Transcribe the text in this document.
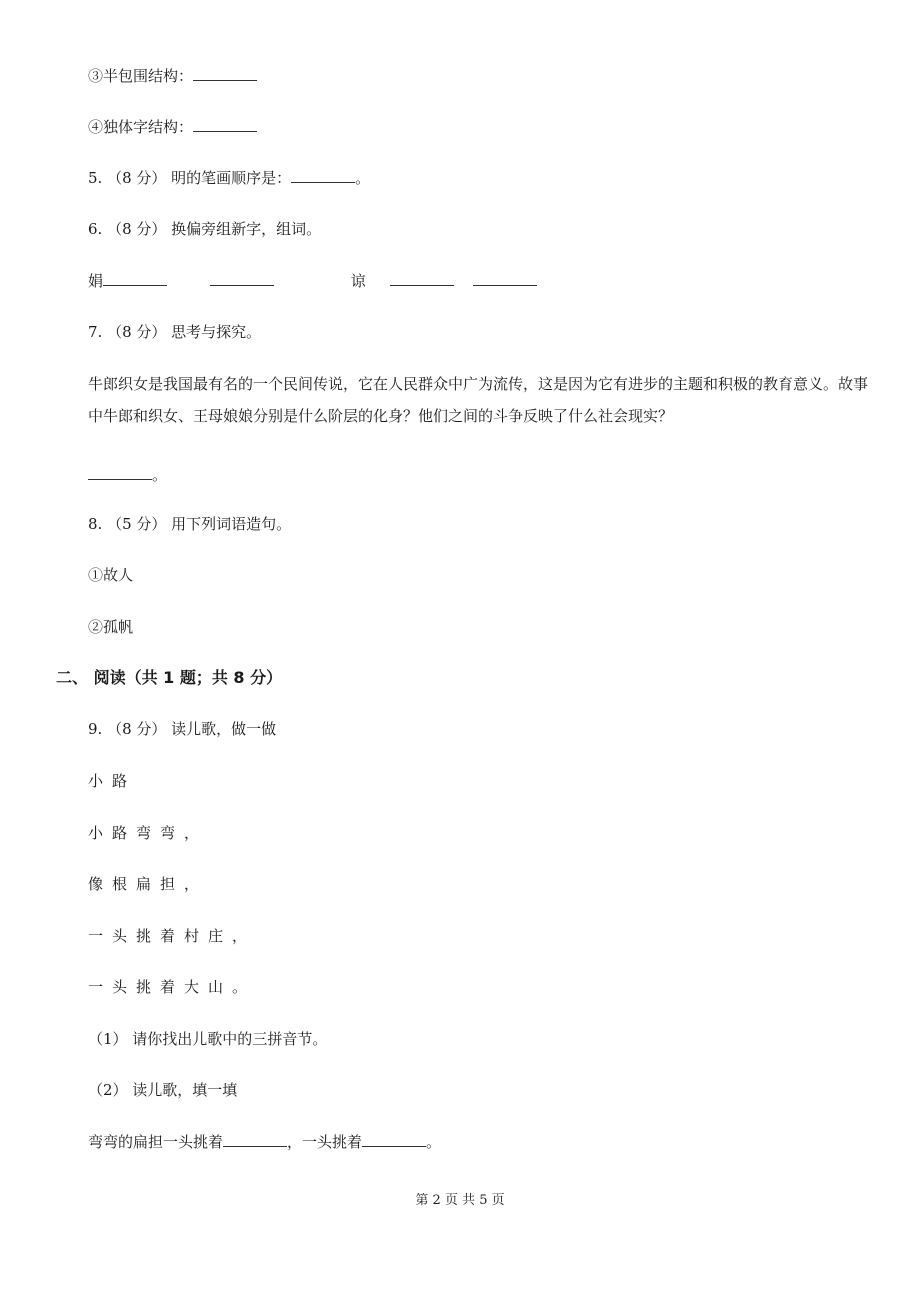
③半包围结构：
④独体字结构：
5. （8 分） 明的笔画顺序是：	。
6. （8 分） 换偏旁组新字，组词。
娟	谅
7. （8 分） 思考与探究。
牛郎织女是我国最有名的一个民间传说，它在人民群众中广为流传，这是因为它有进步的主题和积极的教育意义。故事中牛郎和织女、王母娘娘分别是什么阶层的化身？他们之间的斗争反映了什么社会现实？
。
8. （5 分） 用下列词语造句。
①故人
②孤帆
二、 阅读（共 1 题；共 8 分）
9. （8 分） 读儿歌，做一做
小路
小路弯弯，
像根扁担，
一头挑着村庄，
一头挑着大山。
（1） 请你找出儿歌中的三拼音节。
（2） 读儿歌，填一填
弯弯的扁担一头挑着	，一头挑着	。
第 2 页 共 5 页
